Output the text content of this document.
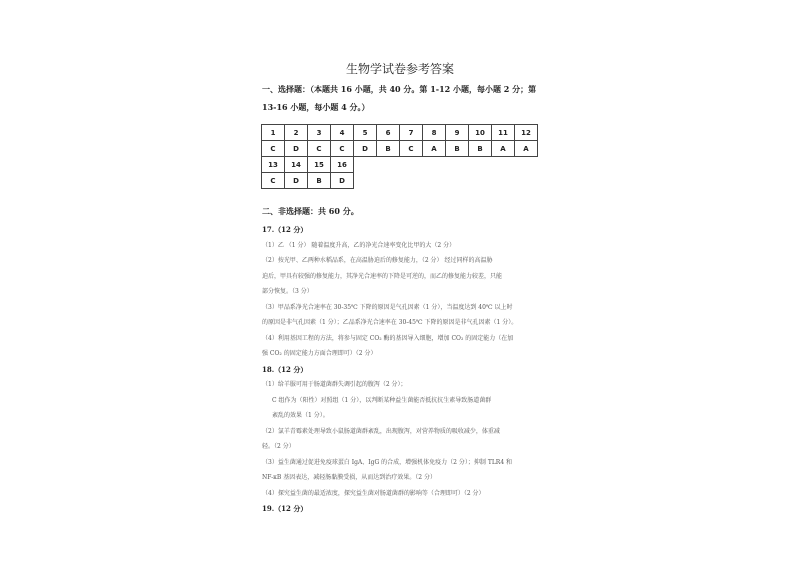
生物学试卷参考答案
一、选择题：（本题共 16 小题，共 40 分。第 1-12 小题，每小题 2 分；第
13-16 小题，每小题 4 分。）
1	2	3	4	5	6	7	8	9	10	11	12
C	D	C	C	D	B	C	A	B	B	A	A
13	14	15	16								
C	D	B	D								
二、非选择题：共 60 分。

17.（12 分）

（1）乙 （1 分） 随着温度升高，乙的净光合速率变化比甲的大（2 分）

（2）按光甲、乙两种水稻品系，在高温胁迫后的修复能力，（2 分） 经过同样的高温胁

迫后，甲具有较强的修复能力，其净光合速率的下降是可逆的，而乙的修复能力较差，只能

部分恢复。（3 分）

（3）甲品系净光合速率在 30-35℃ 下降的原因是气孔因素（1 分），当温度达到 40℃ 以上时

的原因是非气孔因素（1 分）；乙品系净光合速率在 30-45℃ 下降的原因是非气孔因素（1 分）。

（4）利用基因工程的方法，将参与固定 CO₂ 酶的基因导入细胞，增加 CO₂ 的固定能力（在加

强 CO₂ 的固定能力方面合理即可）（2 分）

18.（12 分）

（1）给羊服可用于肠道菌群失调引起的腹泻（2 分）；

C 组作为（阳性）对照组（1 分），以判断某种益生菌能否抵抗抗生素导致肠道菌群

紊乱的效果（1 分）。

（2）氯羊青霉素处理导致小鼠肠道菌群紊乱，出现腹泻，对营养物质的吸收减少，体重减

轻。（2 分）

（3）益生菌通过促进免疫球蛋白 IgA、IgG 的合成，增强机体免疫力（2 分）；抑制 TLR4 和

NF-κB 基因表达，减轻肠黏膜受损，从而达到治疗效果。（2 分）

（4）探究益生菌的最适浓度，探究益生菌对肠道菌群的影响等（合理即可）（2 分）

19.（12 分）
